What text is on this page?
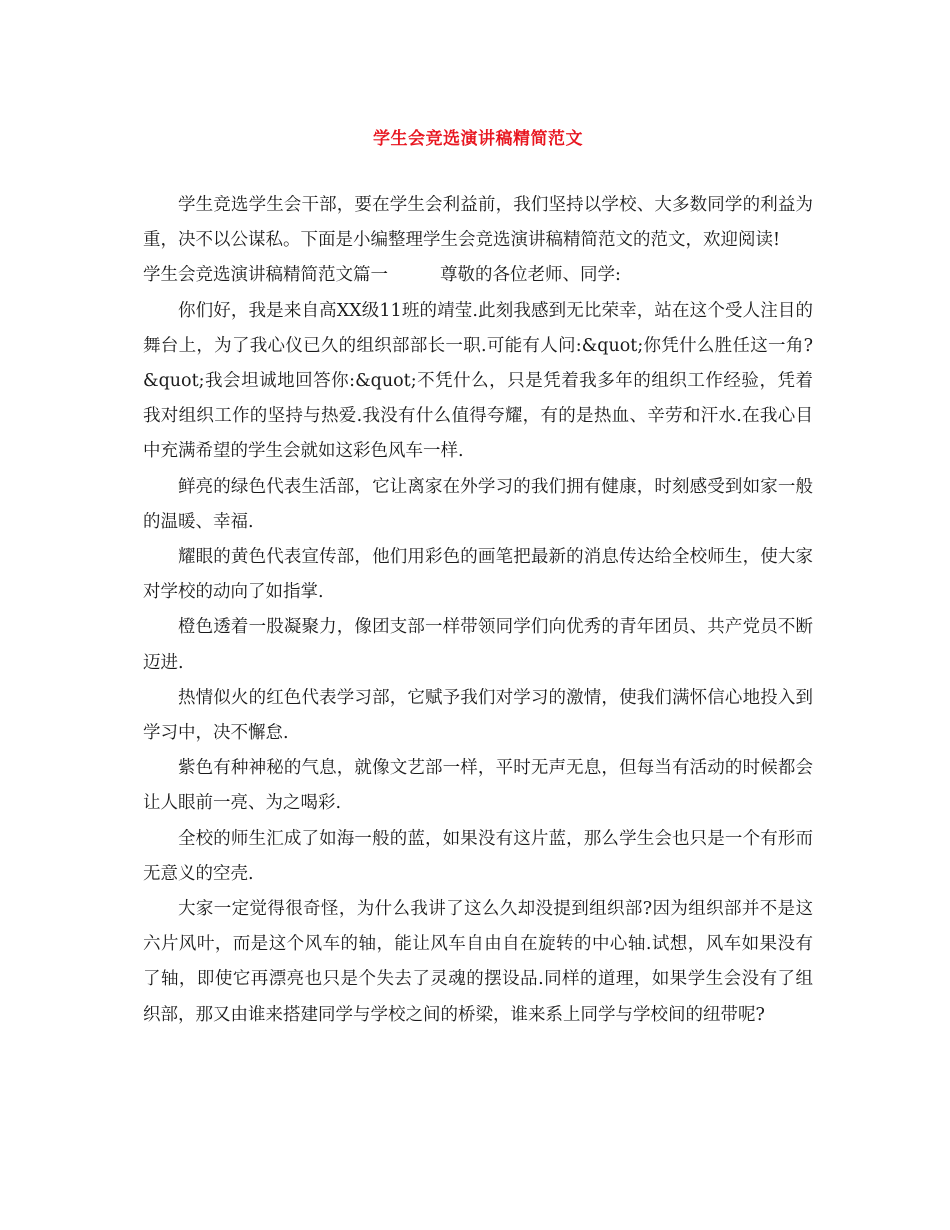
学生会竞选演讲稿精简范文

学生竞选学生会干部，要在学生会利益前，我们坚持以学校、大多数同学的利益为重，决不以公谋私。下面是小编整理学生会竞选演讲稿精简范文的范文，欢迎阅读!

学生会竞选演讲稿精简范文篇一	尊敬的各位老师、同学:

你们好，我是来自高XX级11班的靖莹.此刻我感到无比荣幸，站在这个受人注目的舞台上，为了我心仪已久的组织部部长一职.可能有人问:&quot;你凭什么胜任这一角?&quot;我会坦诚地回答你:&quot;不凭什么，只是凭着我多年的组织工作经验，凭着我对组织工作的坚持与热爱.我没有什么值得夸耀，有的是热血、辛劳和汗水.在我心目中充满希望的学生会就如这彩色风车一样.

鲜亮的绿色代表生活部，它让离家在外学习的我们拥有健康，时刻感受到如家一般的温暖、幸福.

耀眼的黄色代表宣传部，他们用彩色的画笔把最新的消息传达给全校师生，使大家对学校的动向了如指掌.

橙色透着一股凝聚力，像团支部一样带领同学们向优秀的青年团员、共产党员不断迈进.

热情似火的红色代表学习部，它赋予我们对学习的激情，使我们满怀信心地投入到学习中，决不懈怠.

紫色有种神秘的气息，就像文艺部一样，平时无声无息，但每当有活动的时候都会让人眼前一亮、为之喝彩.

全校的师生汇成了如海一般的蓝，如果没有这片蓝，那么学生会也只是一个有形而无意义的空壳.

大家一定觉得很奇怪，为什么我讲了这么久却没提到组织部?因为组织部并不是这六片风叶，而是这个风车的轴，能让风车自由自在旋转的中心轴.试想，风车如果没有了轴，即使它再漂亮也只是个失去了灵魂的摆设品.同样的道理，如果学生会没有了组织部，那又由谁来搭建同学与学校之间的桥梁，谁来系上同学与学校间的纽带呢?
